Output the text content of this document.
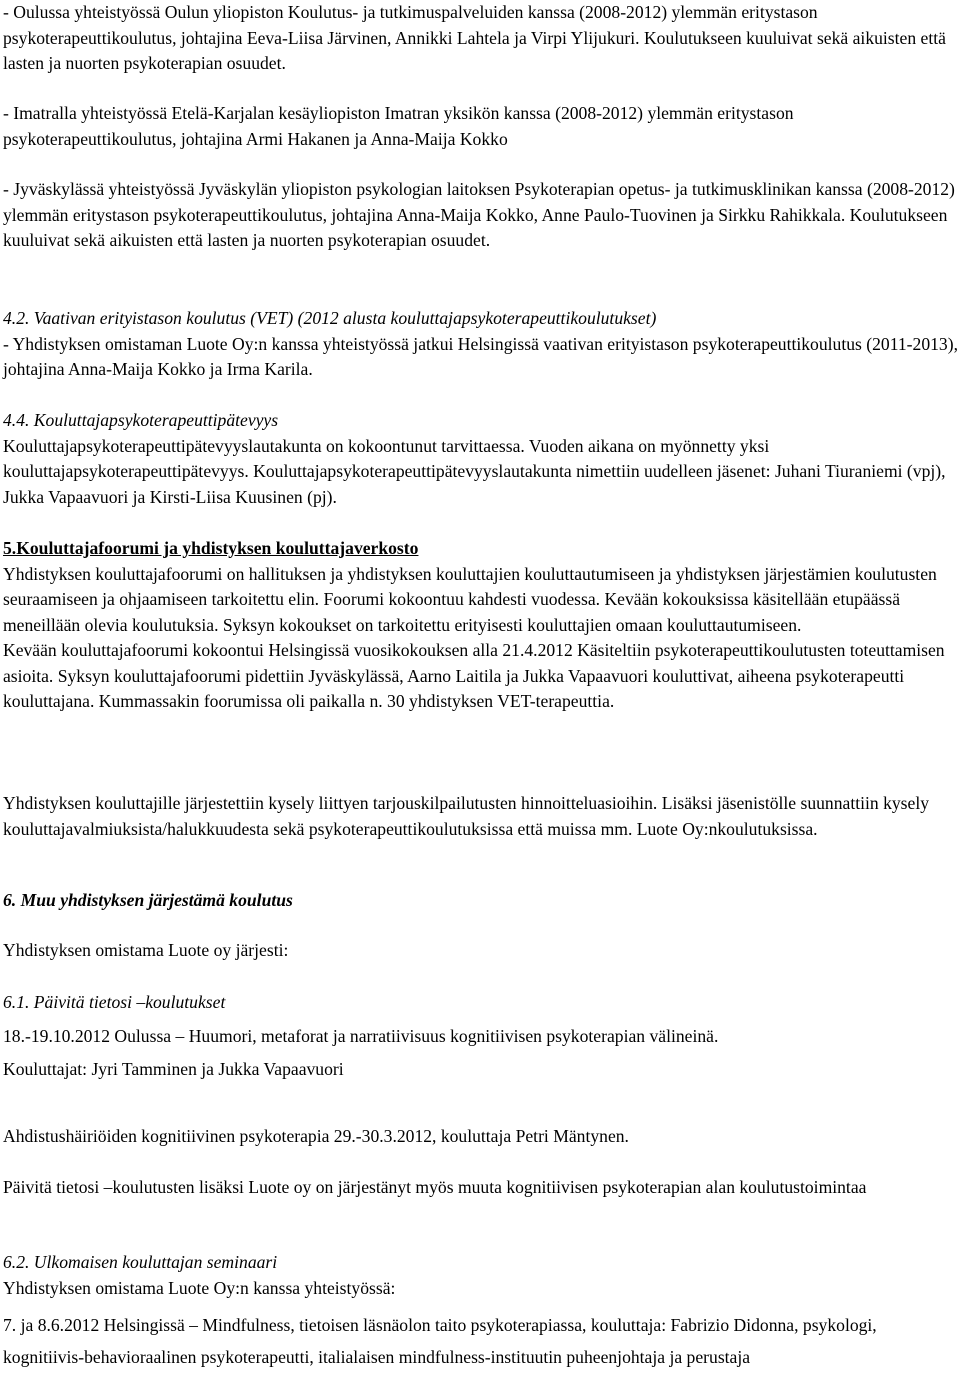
- Oulussa yhteistyössä Oulun yliopiston Koulutus- ja tutkimuspalveluiden kanssa (2008-2012) ylemmän eritystason psykoterapeuttikoulutus, johtajina Eeva-Liisa Järvinen, Annikki Lahtela ja Virpi Ylijukuri. Koulutukseen kuuluivat sekä aikuisten että lasten ja nuorten psykoterapian osuudet.

- Imatralla yhteistyössä Etelä-Karjalan kesäyliopiston Imatran yksikön kanssa (2008-2012) ylemmän eritystason psykoterapeuttikoulutus, johtajina Armi Hakanen ja Anna-Maija Kokko

- Jyväskylässä yhteistyössä Jyväskylän yliopiston psykologian laitoksen Psykoterapian opetus- ja tutkimusklinikan kanssa (2008-2012) ylemmän eritystason psykoterapeuttikoulutus, johtajina Anna-Maija Kokko, Anne Paulo-Tuovinen ja Sirkku Rahikkala. Koulutukseen kuuluivat sekä aikuisten että lasten ja nuorten psykoterapian osuudet.

4.2. Vaativan erityistason koulutus (VET) (2012 alusta kouluttajapsykoterapeuttikoulutukset)
- Yhdistyksen omistaman Luote Oy:n kanssa yhteistyössä jatkui Helsingissä vaativan erityistason psykoterapeuttikoulutus (2011-2013), johtajina Anna-Maija Kokko ja Irma Karila.

4.4. Kouluttajapsykoterapeuttipätevyys
Kouluttajapsykoterapeuttipätevyyslautakunta on kokoontunut tarvittaessa. Vuoden aikana on myönnetty yksi kouluttajapsykoterapeuttipätevyys. Kouluttajapsykoterapeuttipätevyyslautakunta nimettiin uudelleen jäsenet: Juhani Tiuraniemi (vpj), Jukka Vapaavuori ja Kirsti-Liisa Kuusinen (pj).

5.Kouluttajafoorumi ja yhdistyksen kouluttajaverkosto
Yhdistyksen kouluttajafoorumi on hallituksen ja yhdistyksen kouluttajien kouluttautumiseen ja yhdistyksen järjestämien koulutusten seuraamiseen ja ohjaamiseen tarkoitettu elin. Foorumi kokoontuu kahdesti vuodessa. Kevään kokouksissa käsitellään etupäässä meneillään olevia koulutuksia. Syksyn kokoukset on tarkoitettu erityisesti kouluttajien omaan kouluttautumiseen.
Kevään kouluttajafoorumi kokoontui Helsingissä vuosikokouksen alla 21.4.2012 Käsiteltiin psykoterapeuttikoulutusten toteuttamisen asioita. Syksyn kouluttajafoorumi pidettiin Jyväskylässä, Aarno Laitila ja Jukka Vapaavuori kouluttivat, aiheena psykoterapeutti kouluttajana. Kummassakin foorumissa oli paikalla n. 30 yhdistyksen VET-terapeuttia.

Yhdistyksen kouluttajille järjestettiin kysely liittyen tarjouskilpailutusten hinnoitteluasioihin. Lisäksi jäsenistölle suunnattiin kysely kouluttajavalmiuksista/halukkuudesta sekä psykoterapeuttikoulutuksissa että muissa mm. Luote Oy:nkoulutuksissa.

6. Muu yhdistyksen järjestämä koulutus

Yhdistyksen omistama Luote oy järjesti:

6.1. Päivitä tietosi –koulutukset

18.-19.10.2012 Oulussa – Huumori, metaforat ja narratiivisuus kognitiivisen psykoterapian välineinä.

Kouluttajat: Jyri Tamminen ja Jukka Vapaavuori

Ahdistushäiriöiden kognitiivinen psykoterapia 29.-30.3.2012, kouluttaja Petri Mäntynen.

Päivitä tietosi –koulutusten lisäksi Luote oy on järjestänyt myös muuta kognitiivisen psykoterapian alan koulutustoimintaa

6.2. Ulkomaisen kouluttajan seminaari
Yhdistyksen omistama Luote Oy:n kanssa yhteistyössä:

7. ja 8.6.2012 Helsingissä – Mindfulness, tietoisen läsnäolon taito psykoterapiassa, kouluttaja: Fabrizio Didonna, psykologi, kognitiivis-behavioraalinen psykoterapeutti, italialaisen mindfulness-instituutin puheenjohtaja ja perustaja
